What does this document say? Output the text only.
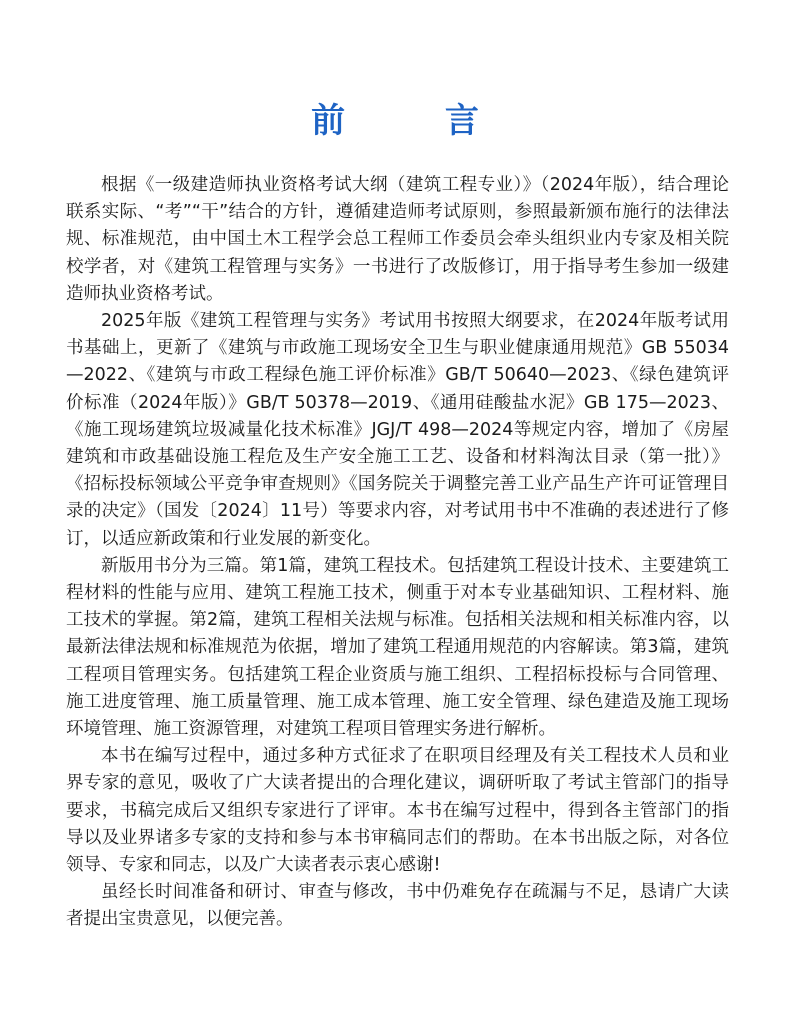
前 言

根据《一级建造师执业资格考试大纲（建筑工程专业）》（2024年版），结合理论联系实际、“考”“干”结合的方针，遵循建造师考试原则，参照最新颁布施行的法律法规、标准规范，由中国土木工程学会总工程师工作委员会牵头组织业内专家及相关院校学者，对《建筑工程管理与实务》一书进行了改版修订，用于指导考生参加一级建造师执业资格考试。

2025年版《建筑工程管理与实务》考试用书按照大纲要求，在2024年版考试用书基础上，更新了《建筑与市政施工现场安全卫生与职业健康通用规范》GB 55034—2022、《建筑与市政工程绿色施工评价标准》GB/T 50640—2023、《绿色建筑评价标准（2024年版）》GB/T 50378—2019、《通用硅酸盐水泥》GB 175—2023、《施工现场建筑垃圾减量化技术标准》JGJ/T 498—2024等规定内容，增加了《房屋建筑和市政基础设施工程危及生产安全施工工艺、设备和材料淘汰目录（第一批）》《招标投标领域公平竞争审查规则》《国务院关于调整完善工业产品生产许可证管理目录的决定》（国发〔2024〕11号）等要求内容，对考试用书中不准确的表述进行了修订，以适应新政策和行业发展的新变化。

新版用书分为三篇。第1篇，建筑工程技术。包括建筑工程设计技术、主要建筑工程材料的性能与应用、建筑工程施工技术，侧重于对本专业基础知识、工程材料、施工技术的掌握。第2篇，建筑工程相关法规与标准。包括相关法规和相关标准内容，以最新法律法规和标准规范为依据，增加了建筑工程通用规范的内容解读。第3篇，建筑工程项目管理实务。包括建筑工程企业资质与施工组织、工程招标投标与合同管理、施工进度管理、施工质量管理、施工成本管理、施工安全管理、绿色建造及施工现场环境管理、施工资源管理，对建筑工程项目管理实务进行解析。

本书在编写过程中，通过多种方式征求了在职项目经理及有关工程技术人员和业界专家的意见，吸收了广大读者提出的合理化建议，调研听取了考试主管部门的指导要求，书稿完成后又组织专家进行了评审。本书在编写过程中，得到各主管部门的指导以及业界诸多专家的支持和参与本书审稿同志们的帮助。在本书出版之际，对各位领导、专家和同志，以及广大读者表示衷心感谢!

虽经长时间准备和研讨、审查与修改，书中仍难免存在疏漏与不足，恳请广大读者提出宝贵意见，以便完善。
